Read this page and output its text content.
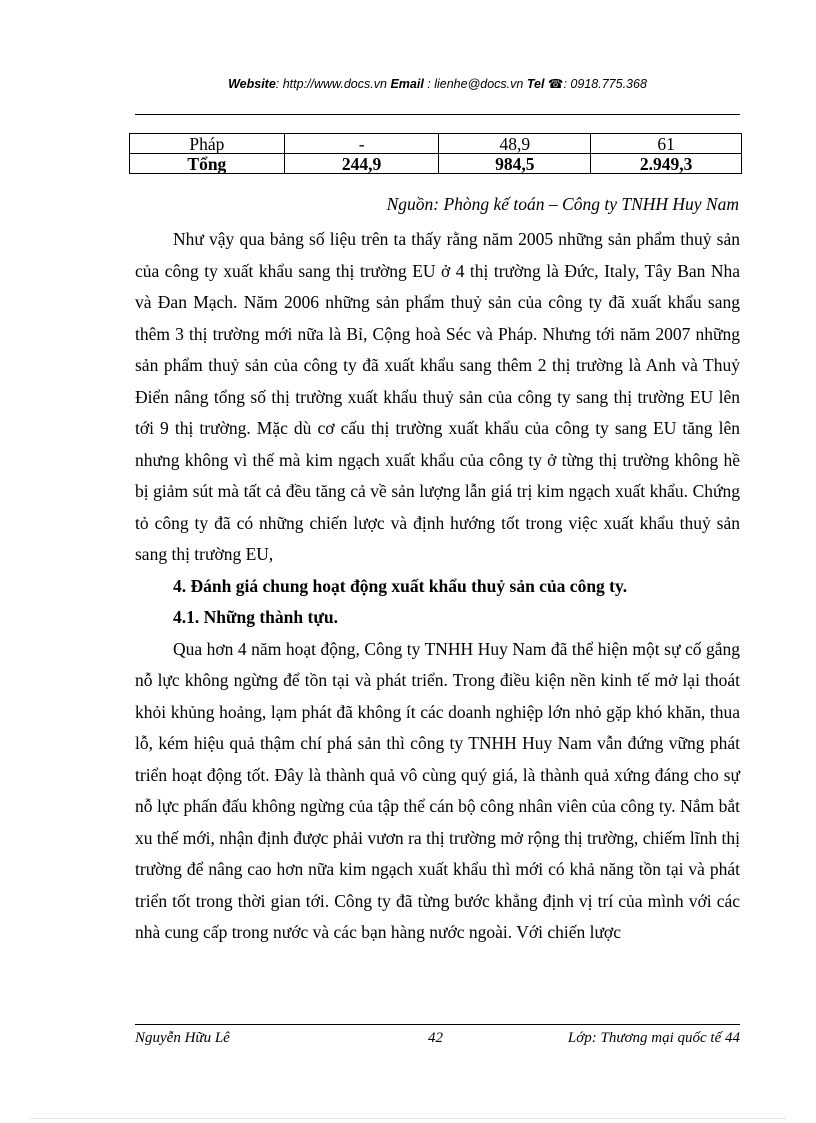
Website: http://www.docs.vn Email : lienhe@docs.vn Tel ☎: 0918.775.368
Pháp	-	48,9	61
Tổng	244,9	984,5	2.949,3
Nguồn: Phòng kế toán – Công ty TNHH Huy Nam

Như vậy qua bảng số liệu trên ta thấy rằng năm 2005 những sản phẩm thuỷ sản của công ty xuất khẩu sang thị trường EU ở 4 thị trường là Đức, Italy, Tây Ban Nha và Đan Mạch. Năm 2006 những sản phẩm thuỷ sản của công ty đã xuất khẩu sang thêm 3 thị trường mới nữa là Bỉ, Cộng hoà Séc và Pháp. Nhưng tới năm 2007 những sản phẩm thuỷ sản của công ty đã xuất khẩu sang thêm 2 thị trường là Anh và Thuỷ Điển nâng tổng số thị trường xuất khẩu thuỷ sản của công ty sang thị trường EU lên tới 9 thị trường. Mặc dù cơ cấu thị trường xuất khẩu của công ty sang EU tăng lên nhưng không vì thế mà kim ngạch xuất khẩu của công ty ở từng thị trường không hề bị giảm sút mà tất cả đều tăng cả về sản lượng lẫn giá trị kim ngạch xuất khẩu. Chứng tỏ công ty đã có những chiến lược và định hướng tốt trong việc xuất khẩu thuỷ sản sang thị trường EU,

4. Đánh giá chung hoạt động xuất khẩu thuỷ sản của công ty.
4.1. Những thành tựu.

Qua hơn 4 năm hoạt động, Công ty TNHH Huy Nam đã thể hiện một sự cố gắng nỗ lực không ngừng để tồn tại và phát triển. Trong điều kiện nền kinh tế mở lại thoát khỏi khủng hoảng, lạm phát đã không ít các doanh nghiệp lớn nhỏ gặp khó khăn, thua lỗ, kém hiệu quả thậm chí phá sản thì công ty TNHH Huy Nam vẫn đứng vững phát triển hoạt động tốt. Đây là thành quả vô cùng quý giá, là thành quả xứng đáng cho sự nỗ lực phấn đấu không ngừng của tập thể cán bộ công nhân viên của công ty. Nắm bắt xu thế mới, nhận định được phải vươn ra thị trường mở rộng thị trường, chiếm lĩnh thị trường để nâng cao hơn nữa kim ngạch xuất khẩu thì mới có khả năng tồn tại và phát triển tốt trong thời gian tới. Công ty đã từng bước khẳng định vị trí của mình với các nhà cung cấp trong nước và các bạn hàng nước ngoài. Với chiến lược

Nguyễn Hữu Lê	42	Lớp: Thương mại quốc tế 44
